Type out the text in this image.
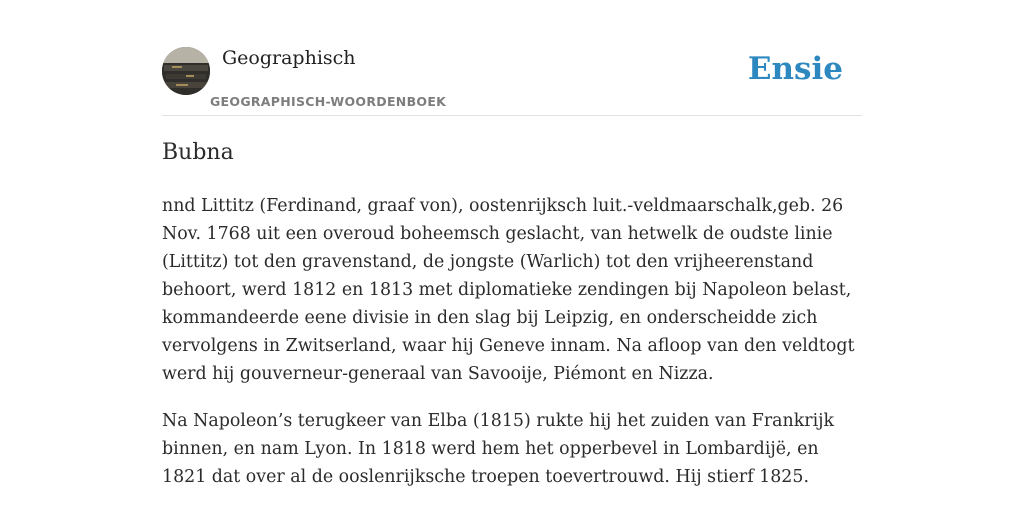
Geographisch
GEOGRAPHISCH-WOORDENBOEK
Ensie
Bubna

nnd Littitz (Ferdinand, graaf von), oostenrijksch luit.-veldmaarschalk,geb. 26 Nov. 1768 uit een overoud boheemsch geslacht, van hetwelk de oudste linie (Littitz) tot den gravenstand, de jongste (Warlich) tot den vrijheerenstand behoort, werd 1812 en 1813 met diplomatieke zendingen bij Napoleon belast, kommandeerde eene divisie in den slag bij Leipzig, en onderscheidde zich vervolgens in Zwitserland, waar hij Geneve innam. Na afloop van den veldtogt werd hij gouverneur-generaal van Savooije, Piémont en Nizza.

Na Napoleon’s terugkeer van Elba (1815) rukte hij het zuiden van Frankrijk binnen, en nam Lyon. In 1818 werd hem het opperbevel in Lombardijë, en 1821 dat over al de ooslenrijksche troepen toevertrouwd. Hij stierf 1825.
